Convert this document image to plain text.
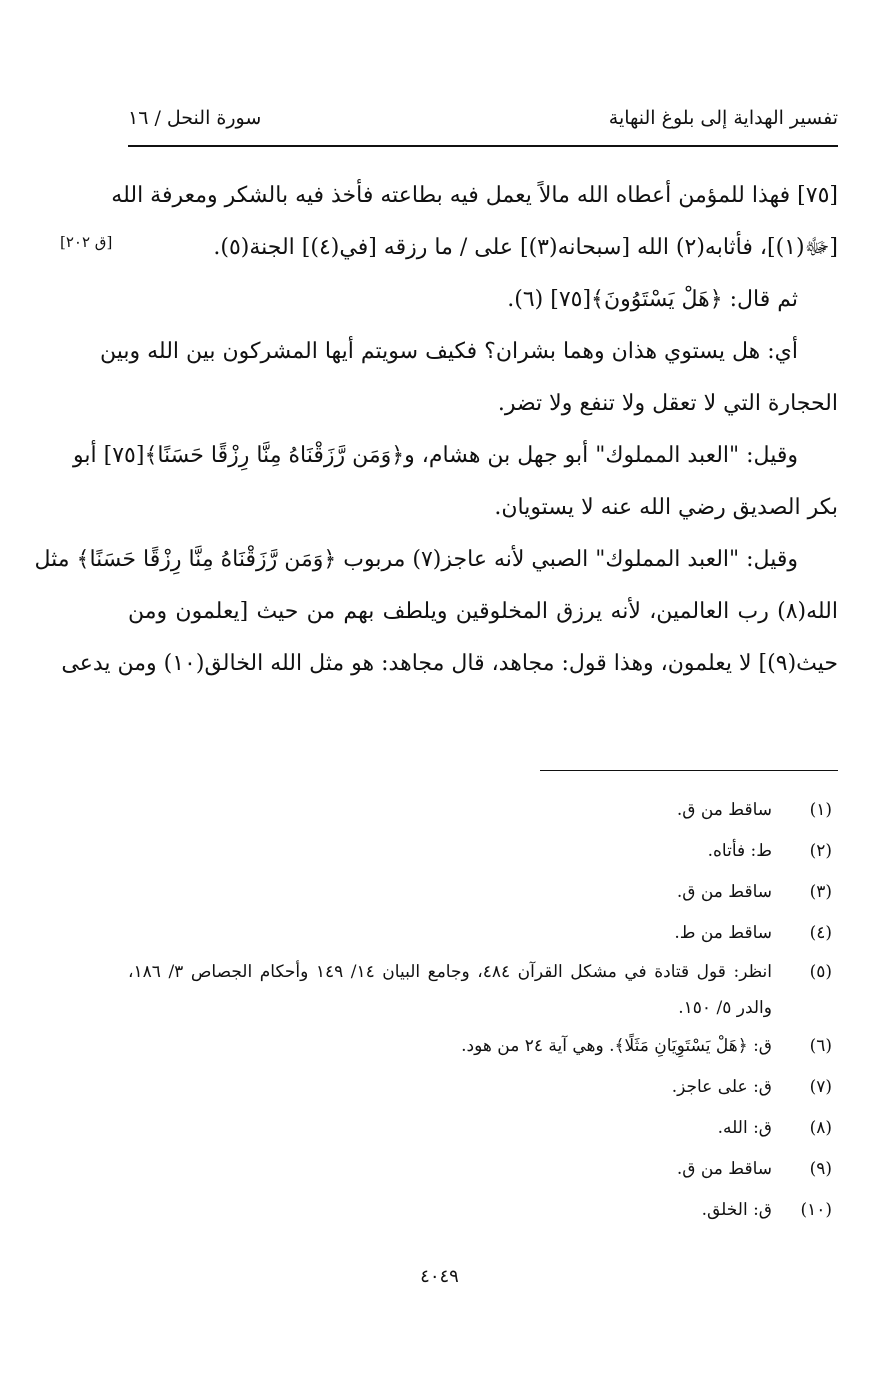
تفسير الهداية إلى بلوغ النهاية
سورة النحل / ١٦
[ق ٢٠٢]
[٧٥] فهذا للمؤمن أعطاه الله مالاً يعمل فيه بطاعته فأخذ فيه بالشكر ومعرفة الله
[ﷻ(١)]، فأثابه(٢) الله [سبحانه(٣)] على / ما رزقه [في(٤)] الجنة(٥).
ثم قال: ﴿هَلْ يَسْتَوُونَ﴾[٧٥] (٦).
أي: هل يستوي هذان وهما بشران؟ فكيف سويتم أيها المشركون بين الله وبين
الحجارة التي لا تعقل ولا تنفع ولا تضر.
وقيل: "العبد المملوك" أبو جهل بن هشام، و﴿وَمَن رَّزَقْنَاهُ مِنَّا رِزْقًا حَسَنًا﴾[٧٥] أبو
بكر الصديق رضي الله عنه لا يستويان.
وقيل: "العبد المملوك" الصبي لأنه عاجز(٧) مربوب ﴿وَمَن رَّزَقْنَاهُ مِنَّا رِزْقًا حَسَنًا﴾ مثل
الله(٨) رب العالمين، لأنه يرزق المخلوقين ويلطف بهم من حيث [يعلمون ومن
حيث(٩)] لا يعلمون، وهذا قول: مجاهد، قال مجاهد: هو مثل الله الخالق(١٠) ومن يدعى
(١)
ساقط من ق.
(٢)
ط: فأتاه.
(٣)
ساقط من ق.
(٤)
ساقط من ط.
(٥)
انظر: قول قتادة في مشكل القرآن ٤٨٤، وجامع البيان ١٤/ ١٤٩ وأحكام الجصاص ٣/ ١٨٦، والدر ٥/ ١٥٠.
(٦)
ق: ﴿هَلْ يَسْتَوِيَانِ مَثَلًا﴾. وهي آية ٢٤ من هود.
(٧)
ق: على عاجز.
(٨)
ق: الله.
(٩)
ساقط من ق.
(١٠)
ق: الخلق.
٤٠٤٩
